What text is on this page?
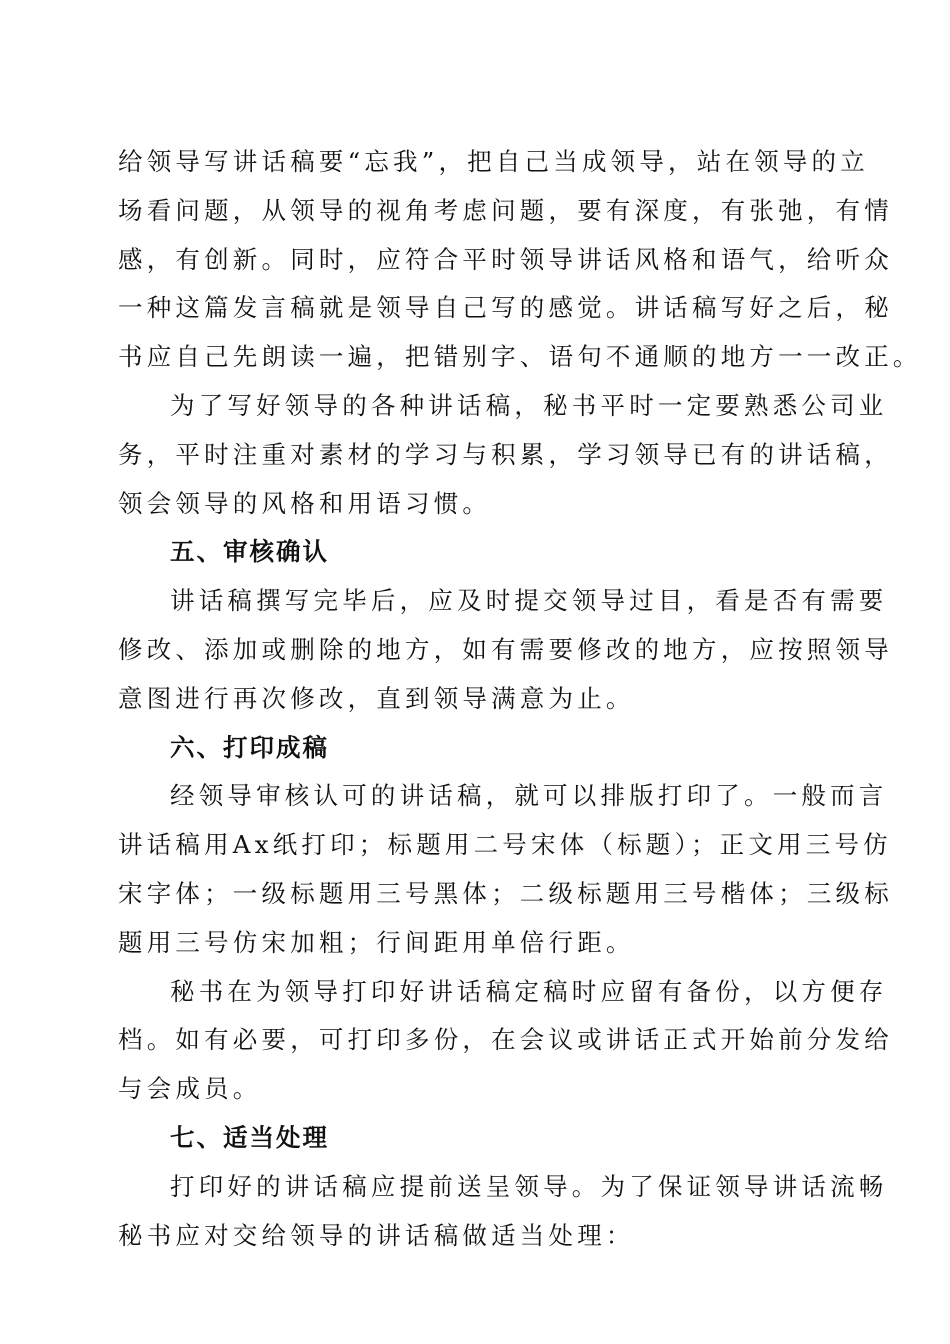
给领导写讲话稿要“忘我”，把自己当成领导，站在领导的立
场看问题，从领导的视角考虑问题，要有深度，有张弛，有情
感，有创新。同时，应符合平时领导讲话风格和语气，给听众
一种这篇发言稿就是领导自己写的感觉。讲话稿写好之后，秘
书应自己先朗读一遍，把错别字、语句不通顺的地方一一改正。
为了写好领导的各种讲话稿，秘书平时一定要熟悉公司业
务，平时注重对素材的学习与积累，学习领导已有的讲话稿，
领会领导的风格和用语习惯。
五、审核确认
讲话稿撰写完毕后，应及时提交领导过目，看是否有需要
修改、添加或删除的地方，如有需要修改的地方，应按照领导
意图进行再次修改，直到领导满意为止。
六、打印成稿
经领导审核认可的讲话稿，就可以排版打印了。一般而言
讲话稿用Ax纸打印；标题用二号宋体（标题）；正文用三号仿
宋字体；一级标题用三号黑体；二级标题用三号楷体；三级标
题用三号仿宋加粗；行间距用单倍行距。
秘书在为领导打印好讲话稿定稿时应留有备份，以方便存
档。如有必要，可打印多份，在会议或讲话正式开始前分发给
与会成员。
七、适当处理
打印好的讲话稿应提前送呈领导。为了保证领导讲话流畅
秘书应对交给领导的讲话稿做适当处理：
